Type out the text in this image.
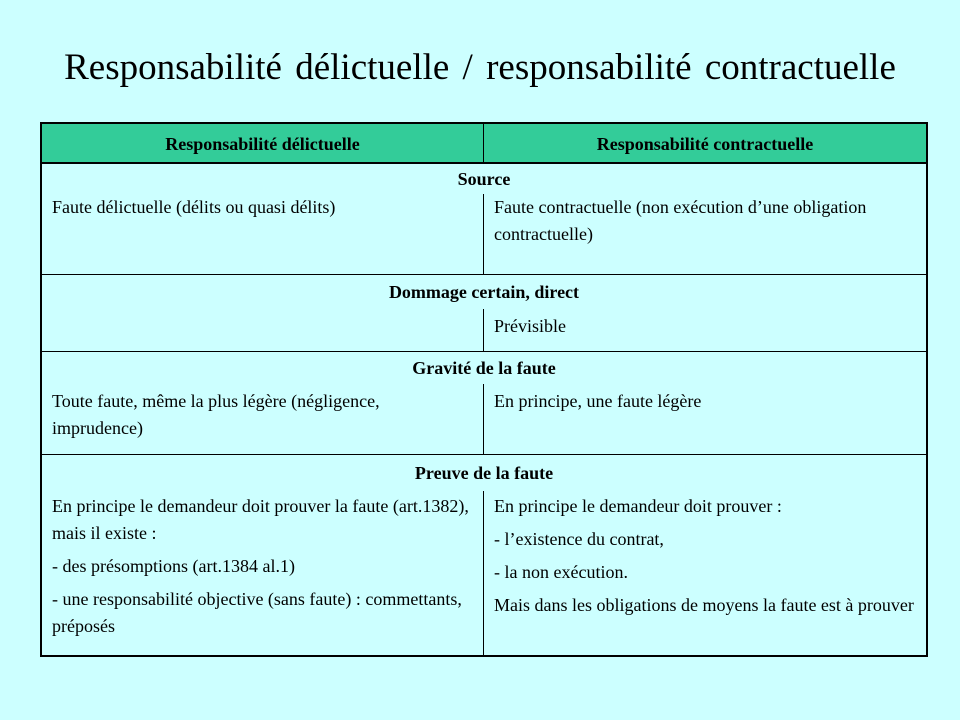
Responsabilité délictuelle / responsabilité contractuelle
Responsabilité délictuelle	Responsabilité contractuelle
Source

Faute délictuelle (délits ou quasi délits)	Faute contractuelle (non exécution d’une obligation contractuelle)

Dommage certain, direct

Prévisible

Gravité de la faute

Toute faute, même la plus légère (négligence, imprudence)

En principe, une faute légère

Preuve de la faute

En principe le demandeur doit prouver la faute (art.1382), mais il existe :

- des présomptions (art.1384 al.1)

- une responsabilité objective (sans faute) : commettants, préposés

En principe le demandeur doit prouver :

- l’existence du contrat,

- la non exécution.

Mais dans les obligations de moyens la faute est à prouver
